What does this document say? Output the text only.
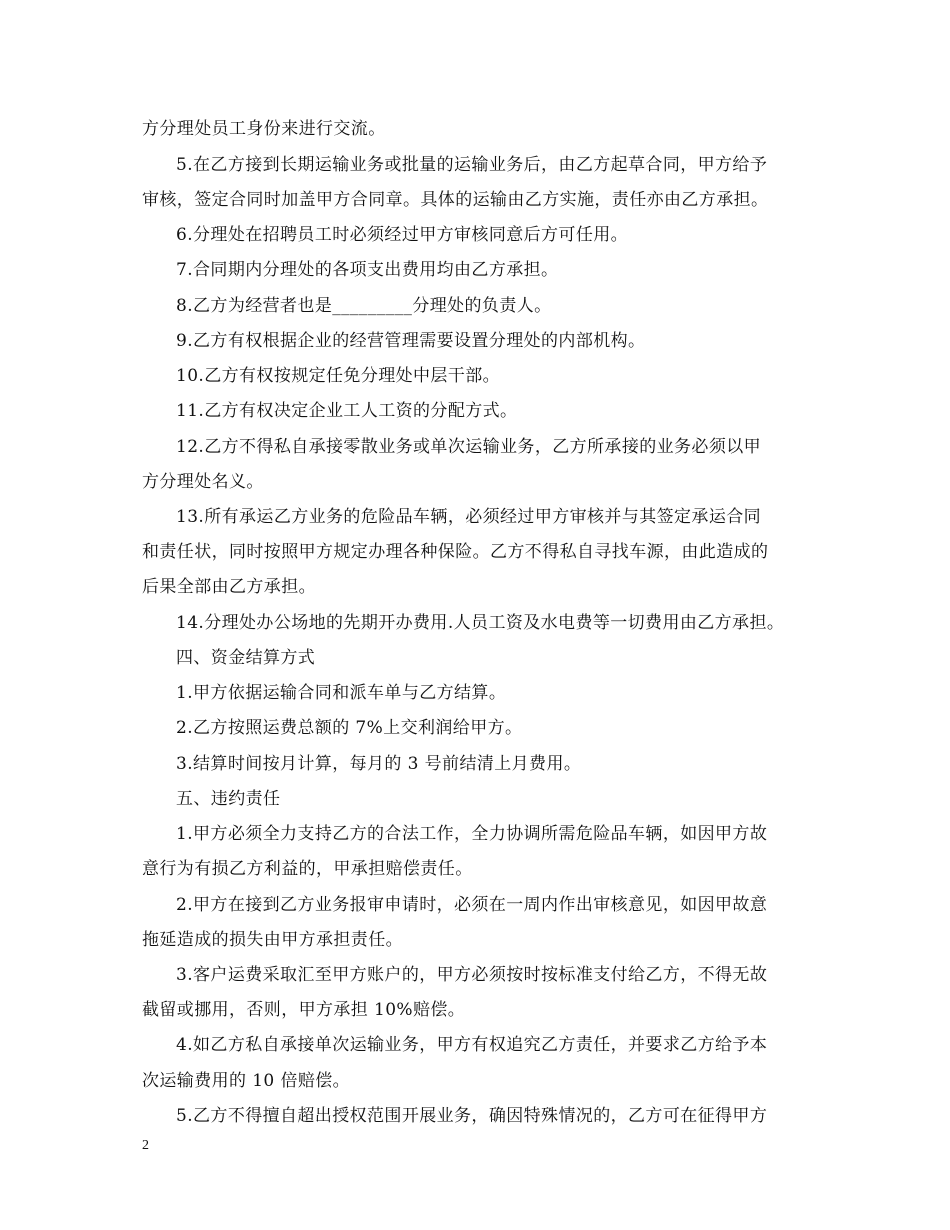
方分理处员工身份来进行交流。
5.在乙方接到长期运输业务或批量的运输业务后，由乙方起草合同，甲方给予
审核，签定合同时加盖甲方合同章。具体的运输由乙方实施，责任亦由乙方承担。
6.分理处在招聘员工时必须经过甲方审核同意后方可任用。
7.合同期内分理处的各项支出费用均由乙方承担。
8.乙方为经营者也是_________分理处的负责人。
9.乙方有权根据企业的经营管理需要设置分理处的内部机构。
10.乙方有权按规定任免分理处中层干部。
11.乙方有权决定企业工人工资的分配方式。
12.乙方不得私自承接零散业务或单次运输业务，乙方所承接的业务必须以甲
方分理处名义。
13.所有承运乙方业务的危险品车辆，必须经过甲方审核并与其签定承运合同
和责任状，同时按照甲方规定办理各种保险。乙方不得私自寻找车源，由此造成的
后果全部由乙方承担。
14.分理处办公场地的先期开办费用.人员工资及水电费等一切费用由乙方承担。
四、资金结算方式
1.甲方依据运输合同和派车单与乙方结算。
2.乙方按照运费总额的 7%上交利润给甲方。
3.结算时间按月计算，每月的 3 号前结清上月费用。
五、违约责任
1.甲方必须全力支持乙方的合法工作，全力协调所需危险品车辆，如因甲方故
意行为有损乙方利益的，甲承担赔偿责任。
2.甲方在接到乙方业务报审申请时，必须在一周内作出审核意见，如因甲故意
拖延造成的损失由甲方承担责任。
3.客户运费采取汇至甲方账户的，甲方必须按时按标准支付给乙方，不得无故
截留或挪用，否则，甲方承担 10%赔偿。
4.如乙方私自承接单次运输业务，甲方有权追究乙方责任，并要求乙方给予本
次运输费用的 10 倍赔偿。
5.乙方不得擅自超出授权范围开展业务，确因特殊情况的，乙方可在征得甲方
2
